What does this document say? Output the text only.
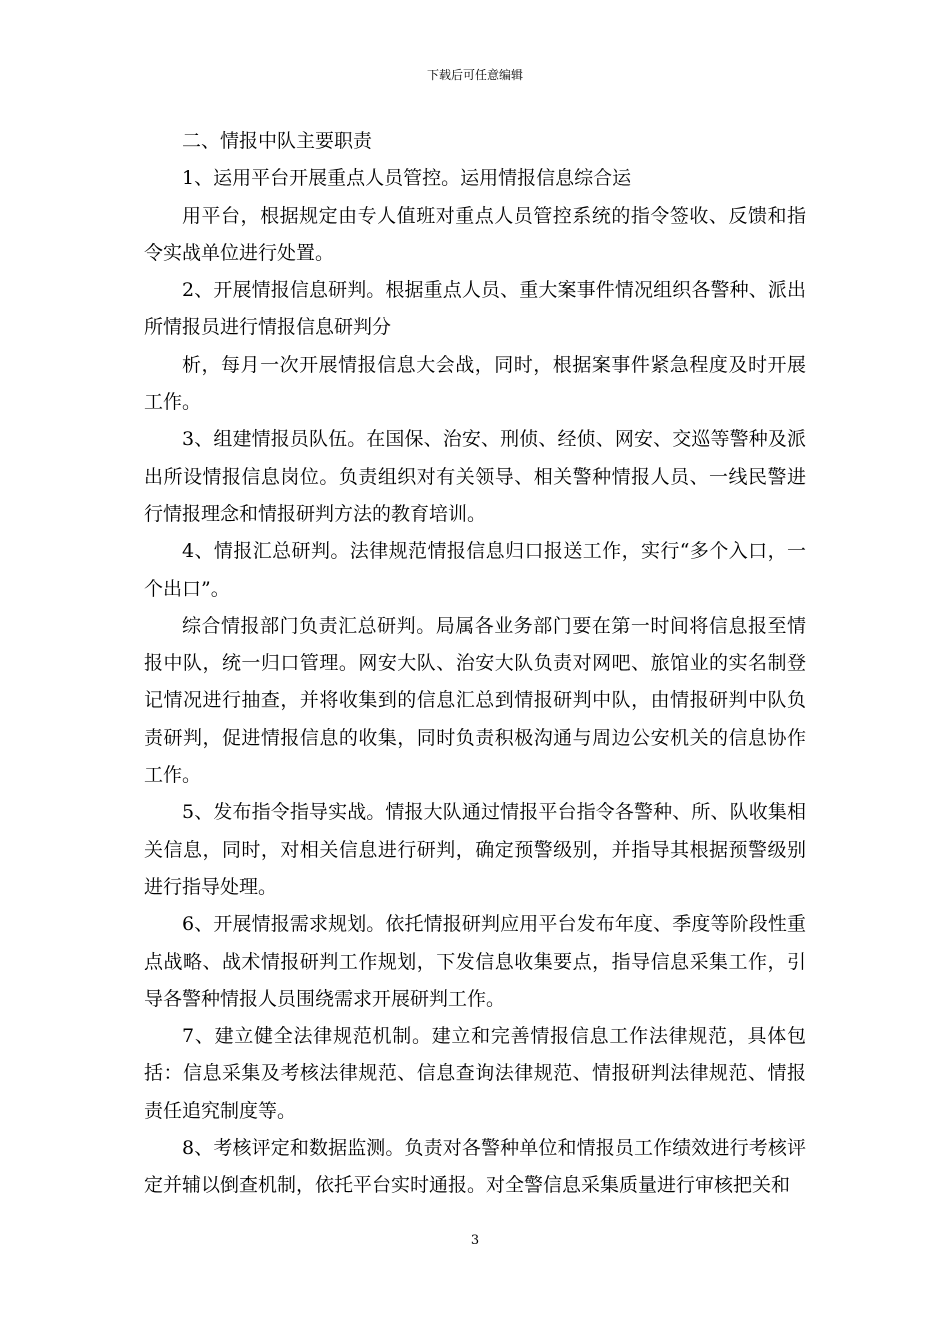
下载后可任意编辑

二、情报中队主要职责

1、运用平台开展重点人员管控。运用情报信息综合运

用平台，根据规定由专人值班对重点人员管控系统的指令签收、反馈和指令实战单位进行处置。

2、开展情报信息研判。根据重点人员、重大案事件情况组织各警种、派出所情报员进行情报信息研判分

析，每月一次开展情报信息大会战，同时，根据案事件紧急程度及时开展工作。

3、组建情报员队伍。在国保、治安、刑侦、经侦、网安、交巡等警种及派出所设情报信息岗位。负责组织对有关领导、相关警种情报人员、一线民警进行情报理念和情报研判方法的教育培训。

4、情报汇总研判。法律规范情报信息归口报送工作，实行“多个入口，一个出口”。

综合情报部门负责汇总研判。局属各业务部门要在第一时间将信息报至情报中队，统一归口管理。网安大队、治安大队负责对网吧、旅馆业的实名制登记情况进行抽查，并将收集到的信息汇总到情报研判中队，由情报研判中队负责研判，促进情报信息的收集，同时负责积极沟通与周边公安机关的信息协作工作。

5、发布指令指导实战。情报大队通过情报平台指令各警种、所、队收集相关信息，同时，对相关信息进行研判，确定预警级别，并指导其根据预警级别进行指导处理。

6、开展情报需求规划。依托情报研判应用平台发布年度、季度等阶段性重点战略、战术情报研判工作规划，下发信息收集要点，指导信息采集工作，引导各警种情报人员围绕需求开展研判工作。

7、建立健全法律规范机制。建立和完善情报信息工作法律规范，具体包括：信息采集及考核法律规范、信息查询法律规范、情报研判法律规范、情报责任追究制度等。

8、考核评定和数据监测。负责对各警种单位和情报员工作绩效进行考核评定并辅以倒查机制，依托平台实时通报。对全警信息采集质量进行审核把关和

3
